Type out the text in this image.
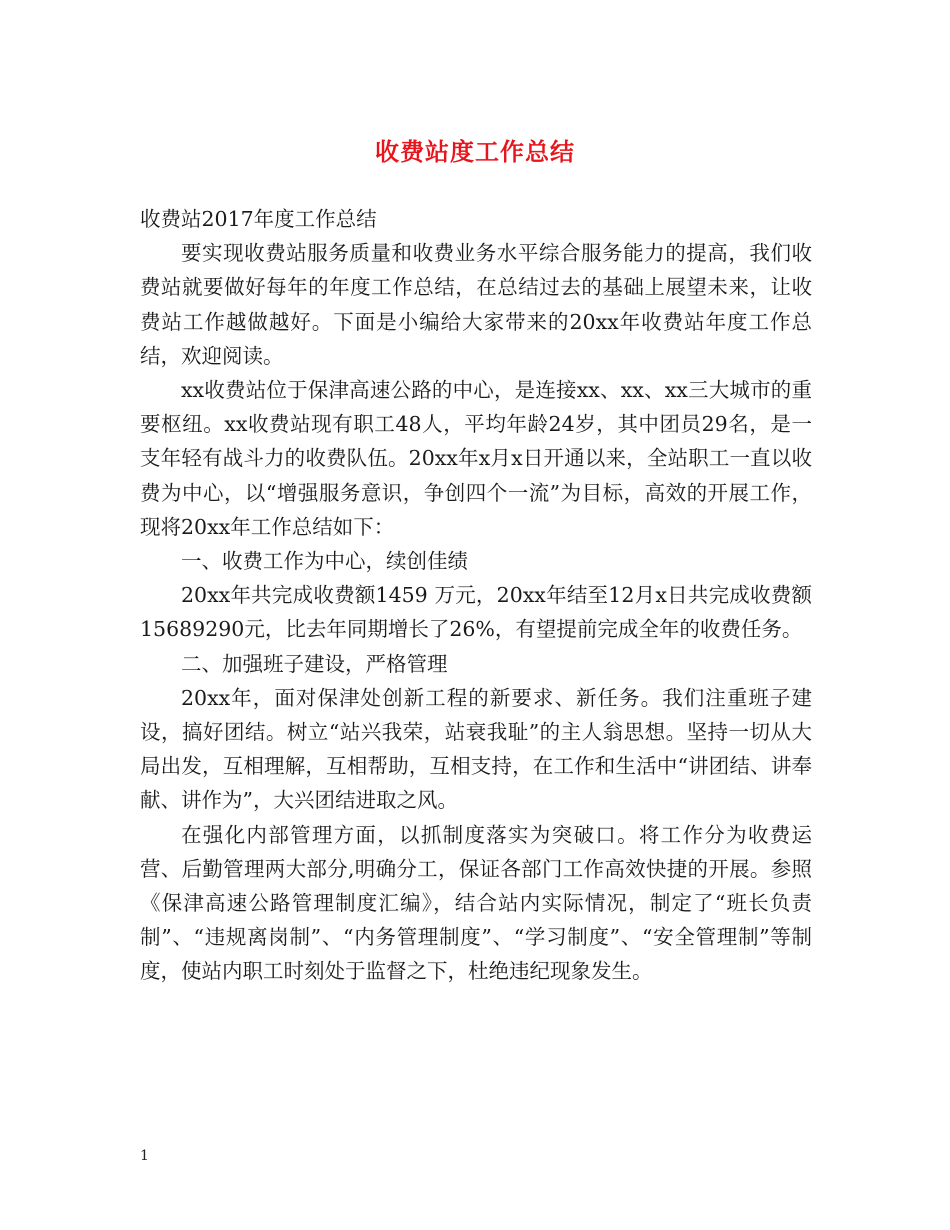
收费站度工作总结

收费站2017年度工作总结

要实现收费站服务质量和收费业务水平综合服务能力的提高，我们收费站就要做好每年的年度工作总结，在总结过去的基础上展望未来，让收费站工作越做越好。下面是小编给大家带来的20xx年收费站年度工作总结，欢迎阅读。

xx收费站位于保津高速公路的中心，是连接xx、xx、xx三大城市的重要枢纽。xx收费站现有职工48人，平均年龄24岁，其中团员29名，是一支年轻有战斗力的收费队伍。20xx年x月x日开通以来，全站职工一直以收费为中心，以“增强服务意识，争创四个一流”为目标，高效的开展工作，现将20xx年工作总结如下：

一、收费工作为中心，续创佳绩

20xx年共完成收费额1459 万元，20xx年结至12月x日共完成收费额15689290元，比去年同期增长了26%，有望提前完成全年的收费任务。

二、加强班子建设，严格管理

20xx年，面对保津处创新工程的新要求、新任务。我们注重班子建设，搞好团结。树立“站兴我荣，站衰我耻”的主人翁思想。坚持一切从大局出发，互相理解，互相帮助，互相支持，在工作和生活中“讲团结、讲奉献、讲作为”，大兴团结进取之风。

在强化内部管理方面，以抓制度落实为突破口。将工作分为收费运营、后勤管理两大部分,明确分工，保证各部门工作高效快捷的开展。参照《保津高速公路管理制度汇编》，结合站内实际情况，制定了“班长负责制”、“违规离岗制”、“内务管理制度”、“学习制度”、“安全管理制”等制度，使站内职工时刻处于监督之下，杜绝违纪现象发生。

1
